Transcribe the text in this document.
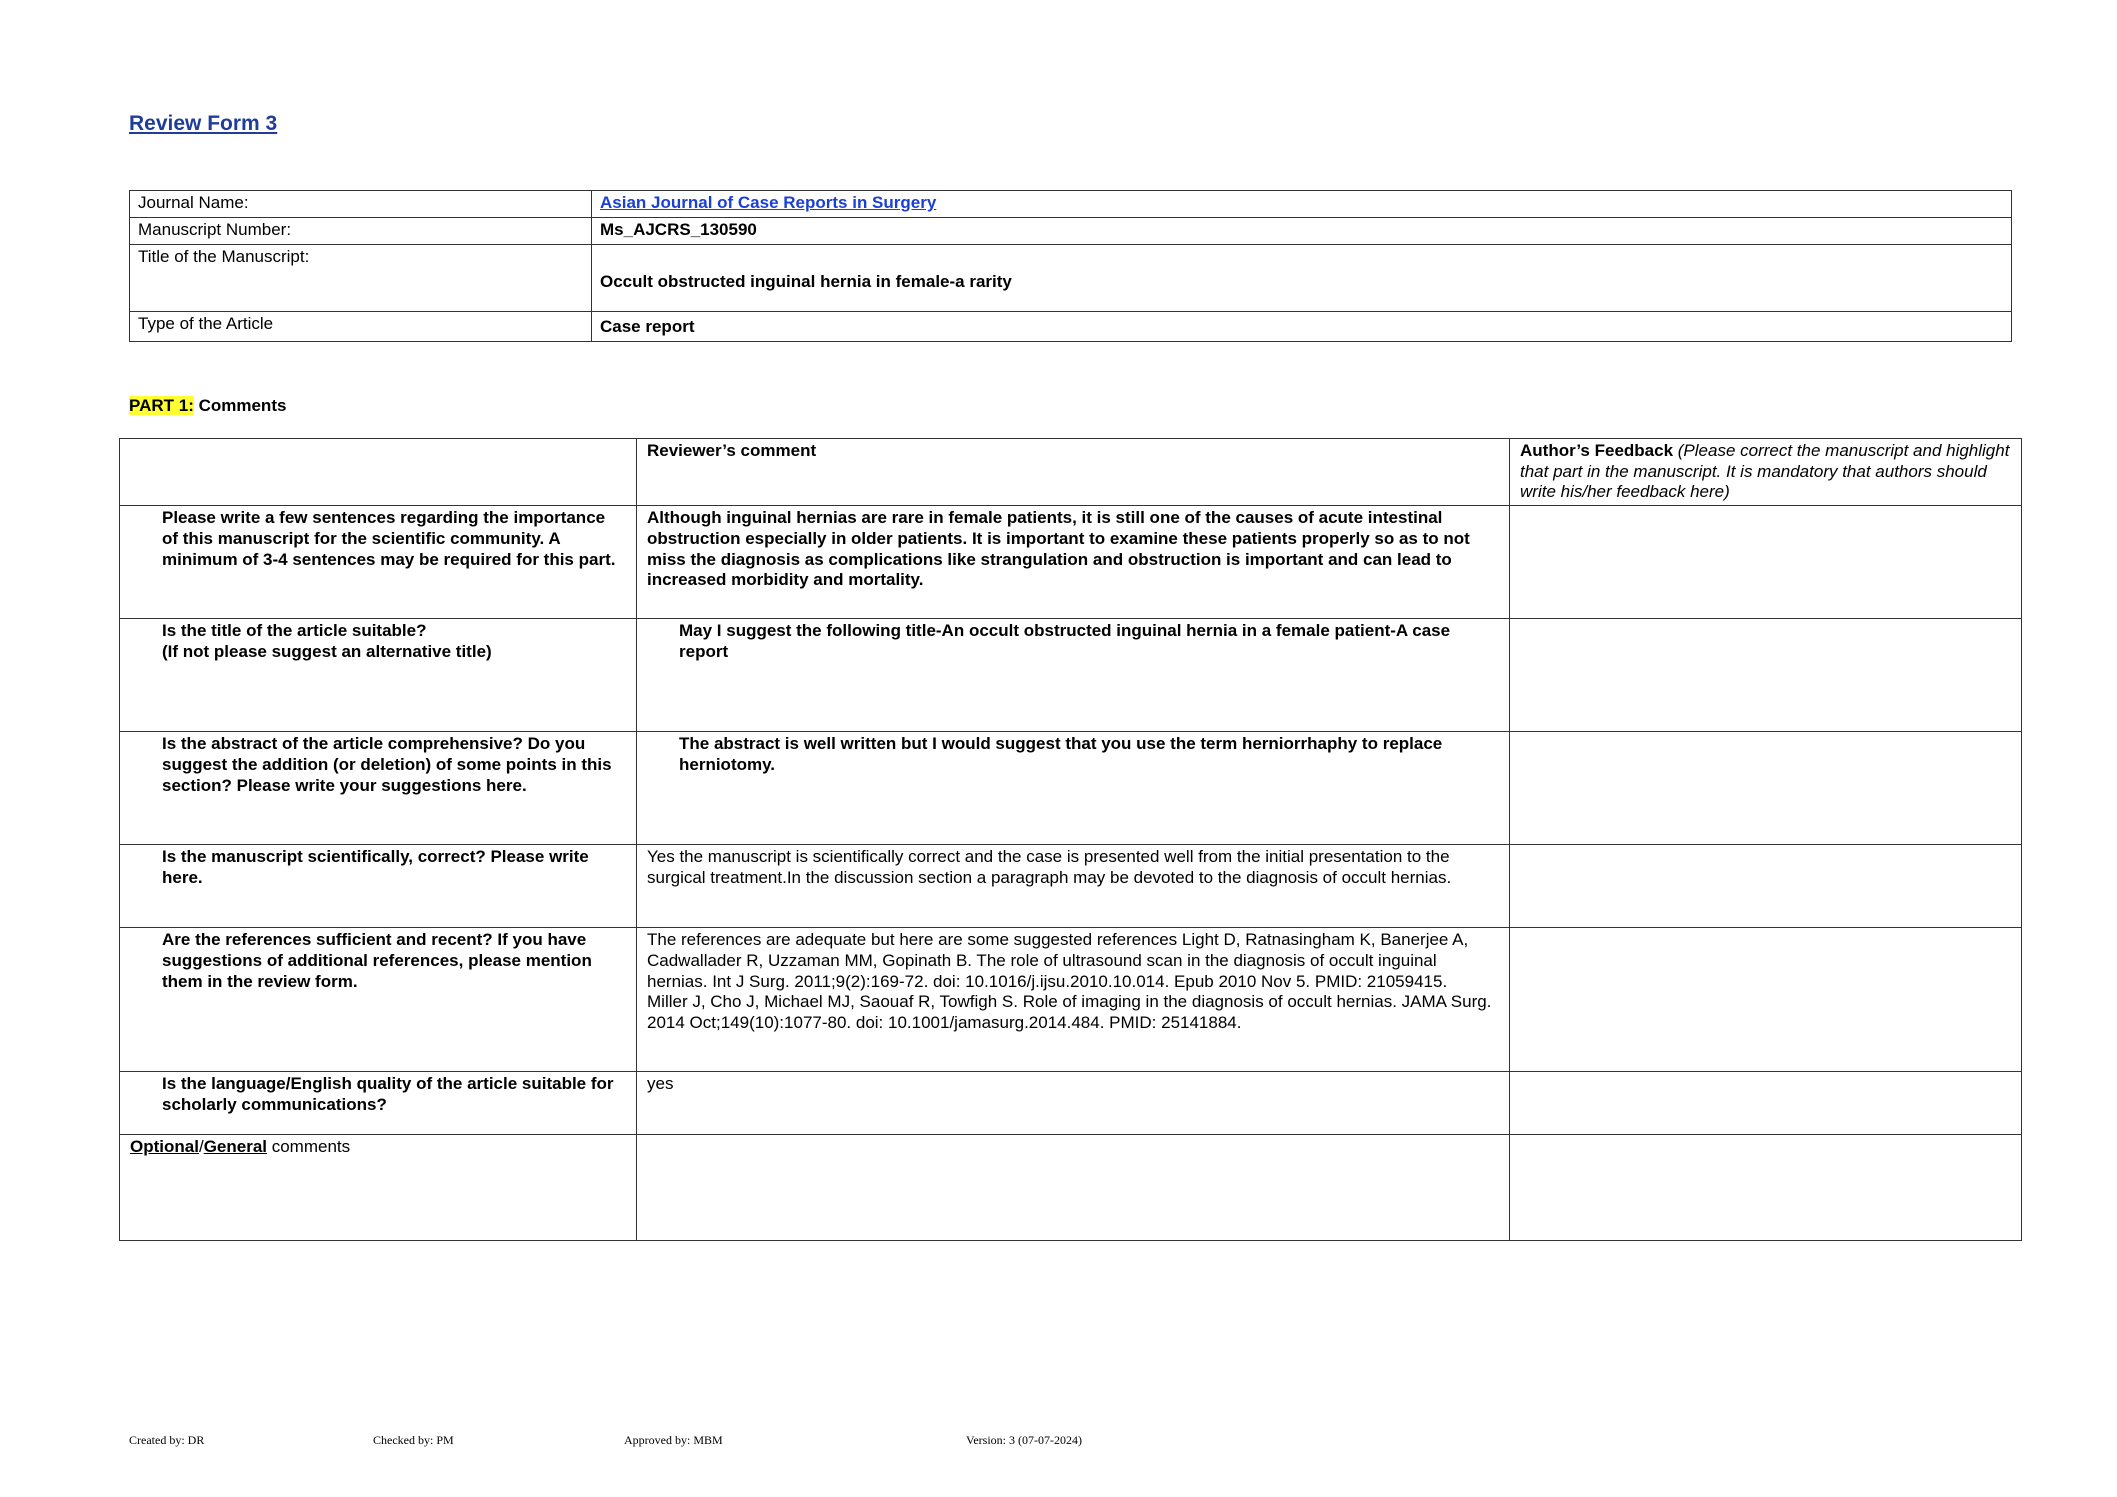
Review Form 3
Journal Name:	Asian Journal of Case Reports in Surgery
Manuscript Number:	Ms_AJCRS_130590
Title of the Manuscript:	Occult obstructed inguinal hernia in female-a rarity
Type of the Article	Case report
PART 1: Comments
	Reviewer’s comment	Author’s Feedback (Please correct the manuscript and highlight that part in the manuscript. It is mandatory that authors should write his/her feedback here)
Please write a few sentences regarding the importance of this manuscript for the scientific community. A minimum of 3-4 sentences may be required for this part.	Although inguinal hernias are rare in female patients, it is still one of the causes of acute intestinal obstruction especially in older patients. It is important to examine these patients properly so as to not miss the diagnosis as complications like strangulation and obstruction is important and can lead to increased morbidity and mortality.	

Is the title of the article suitable?
(If not please suggest an alternative title)	May I suggest the following title-An occult obstructed inguinal hernia in a female patient-A case report	
Is the abstract of the article comprehensive? Do you suggest the addition (or deletion) of some points in this section? Please write your suggestions here.	The abstract is well written but I would suggest that you use the term herniorrhaphy to replace herniotomy.	
Is the manuscript scientifically, correct? Please write here.	Yes the manuscript is scientifically correct and the case is presented well from the initial presentation to the surgical treatment.In the discussion section a paragraph may be devoted to the diagnosis of occult hernias.	
Are the references sufficient and recent? If you have suggestions of additional references, please mention them in the review form.	The references are adequate but here are some suggested references Light D, Ratnasingham K, Banerjee A, Cadwallader R, Uzzaman MM, Gopinath B. The role of ultrasound scan in the diagnosis of occult inguinal hernias. Int J Surg. 2011;9(2):169-72. doi: 10.1016/j.ijsu.2010.10.014. Epub 2010 Nov 5. PMID: 21059415.
Miller J, Cho J, Michael MJ, Saouaf R, Towfigh S. Role of imaging in the diagnosis of occult hernias. JAMA Surg. 2014 Oct;149(10):1077-80. doi: 10.1001/jamasurg.2014.484. PMID: 25141884.	

Is the language/English quality of the article suitable for scholarly communications?	yes	
Optional/General comments		
Created by: DR	Checked by: PM	Approved by: MBM	Version: 3 (07-07-2024)
